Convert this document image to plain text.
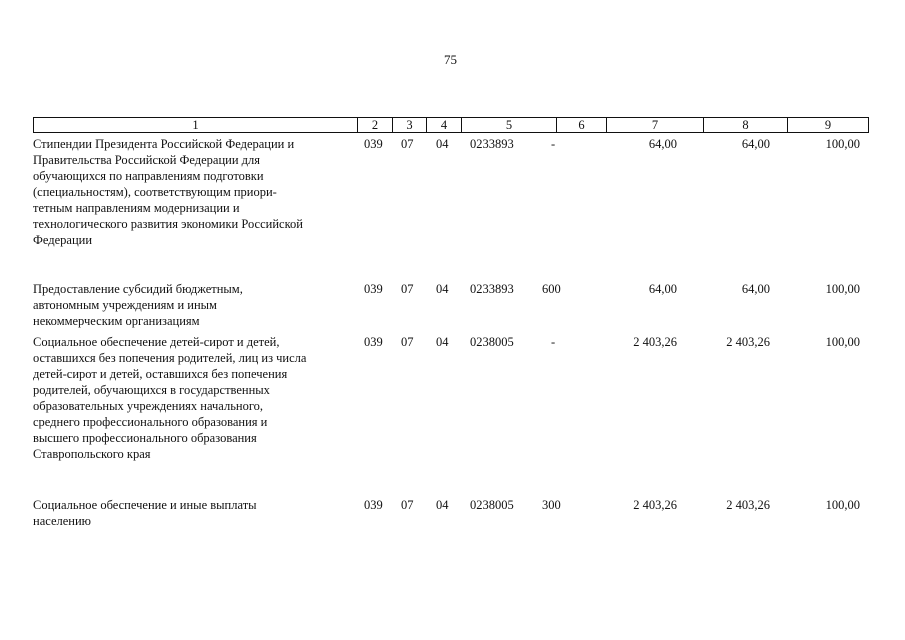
75
1	2	3	4	5	6	7	8	9
Стипендии Президента Российской Федерации и
Правительства Российской Федерации для
обучающихся по направлениям подготовки
(специальностям), соответствующим приори-
тетным направлениям модернизации и
технологического развития экономики Российской
Федерации
039 07 04 0233893	-	64,00	64,00	100,00
Предоставление субсидий бюджетным,
автономным учреждениям и иным
некоммерческим организациям
039 07 04 0233893 600	64,00	64,00	100,00
Социальное обеспечение детей-сирот и детей,
оставшихся без попечения родителей, лиц из числа
детей-сирот и детей, оставшихся без попечения
родителей, обучающихся в государственных
образовательных учреждениях начального,
среднего профессионального образования и
высшего профессионального образования
Ставропольского края
039 07 04 0238005	-	2 403,26	2 403,26	100,00
Социальное обеспечение и иные выплаты
населению
039 07 04 0238005 300	2 403,26	2 403,26	100,00
